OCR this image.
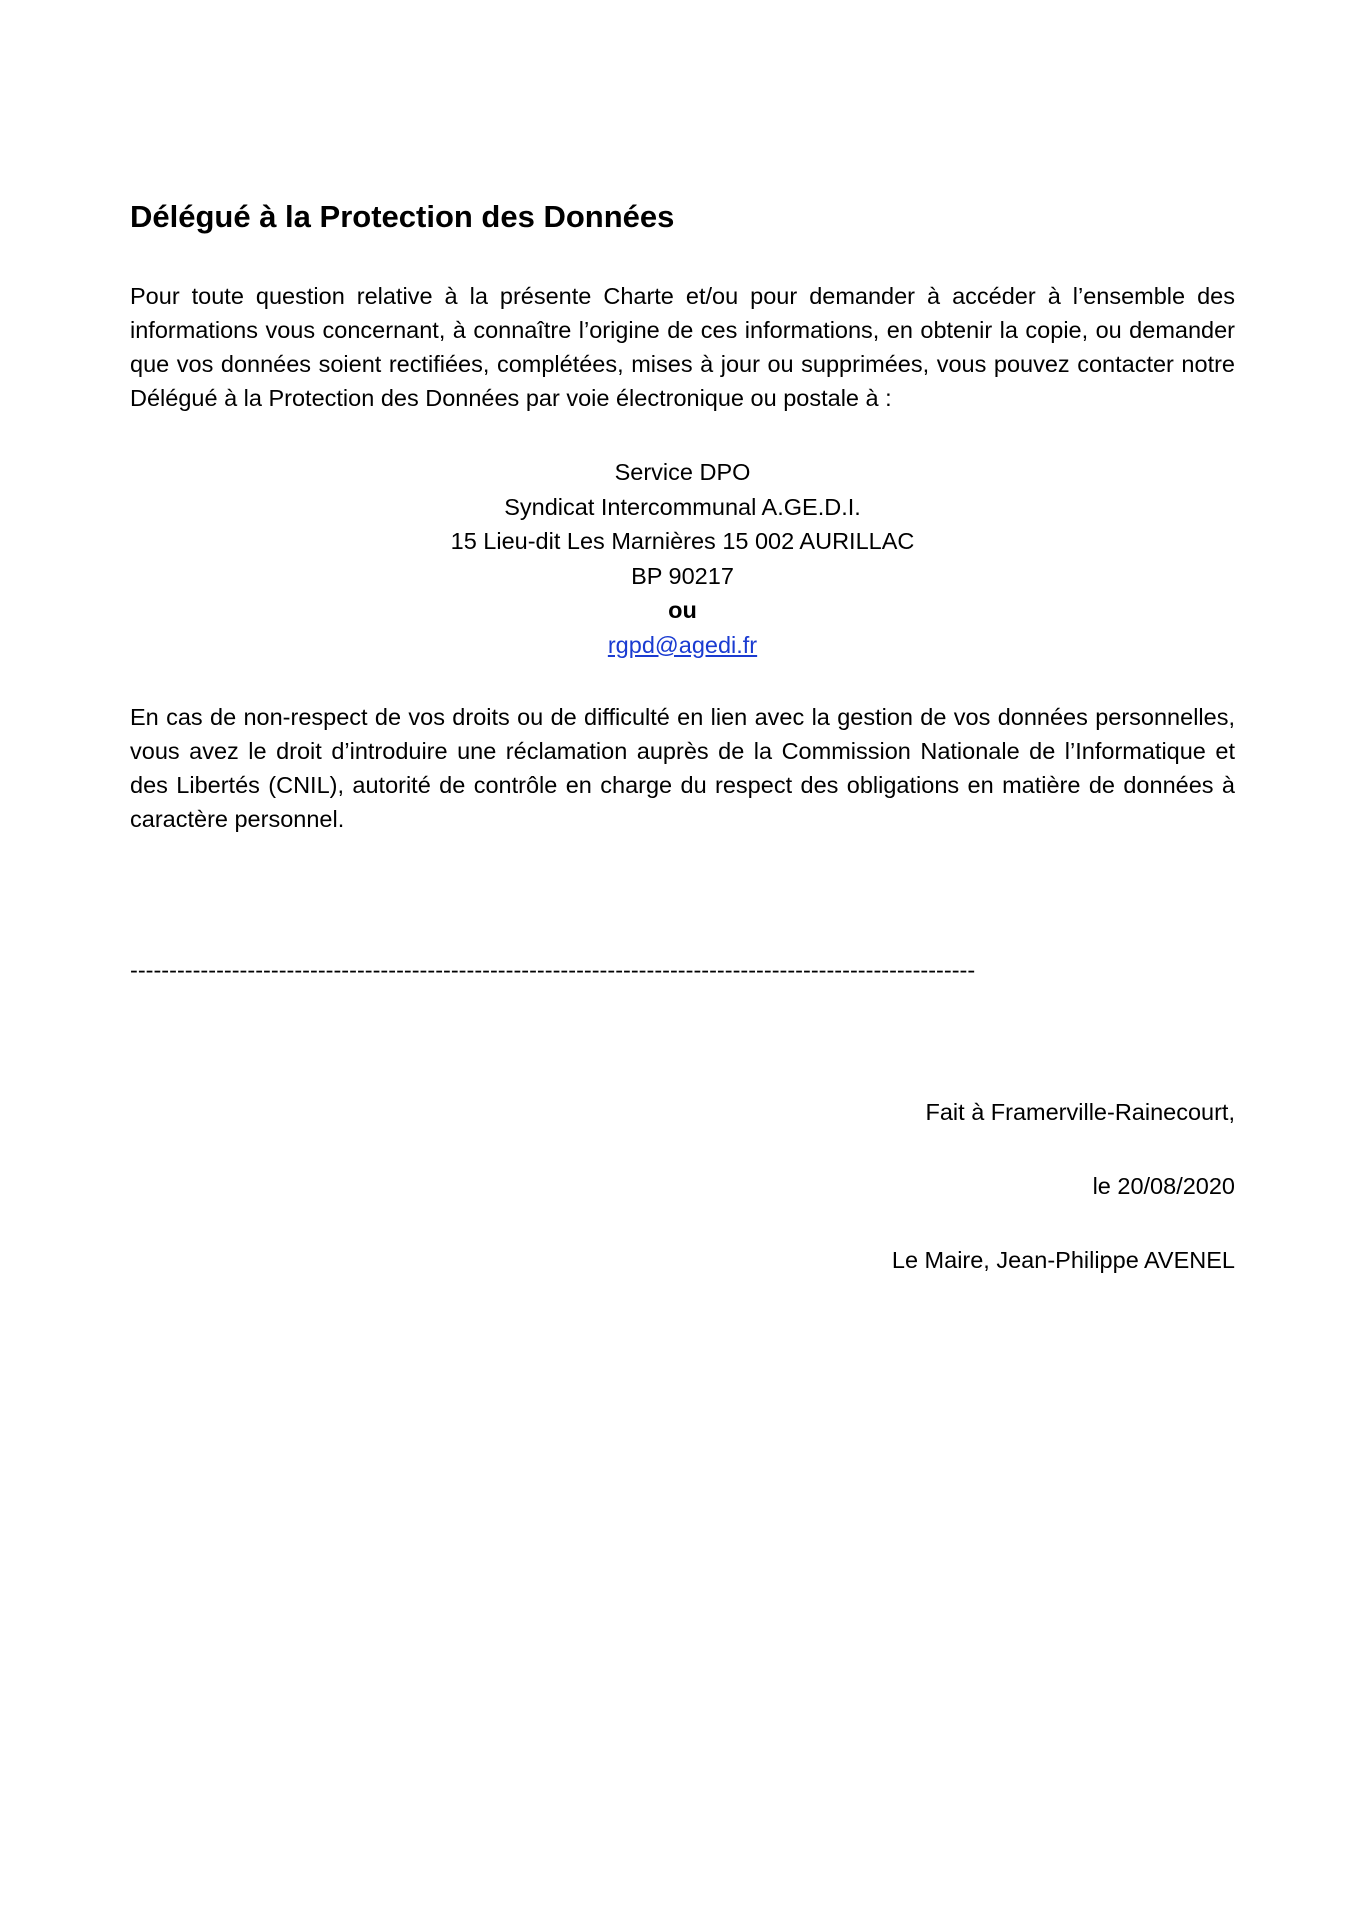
Délégué à la Protection des Données

Pour toute question relative à la présente Charte et/ou pour demander à accéder à l’ensemble des informations vous concernant, à connaître l’origine de ces informations, en obtenir la copie, ou demander que vos données soient rectifiées, complétées, mises à jour ou supprimées, vous pouvez contacter notre Délégué à la Protection des Données par voie électronique ou postale à :

Service DPO
Syndicat Intercommunal A.GE.D.I.
15 Lieu-dit Les Marnières 15 002 AURILLAC
BP 90217
ou
rgpd@agedi.fr

En cas de non-respect de vos droits ou de difficulté en lien avec la gestion de vos données personnelles, vous avez le droit d’introduire une réclamation auprès de la Commission Nationale de l’Informatique et des Libertés (CNIL), autorité de contrôle en charge du respect des obligations en matière de données à caractère personnel.

------------------------------------------------------------------------------------------------------------
Fait à Framerville-Rainecourt,
le 20/08/2020
Le Maire, Jean-Philippe AVENEL
